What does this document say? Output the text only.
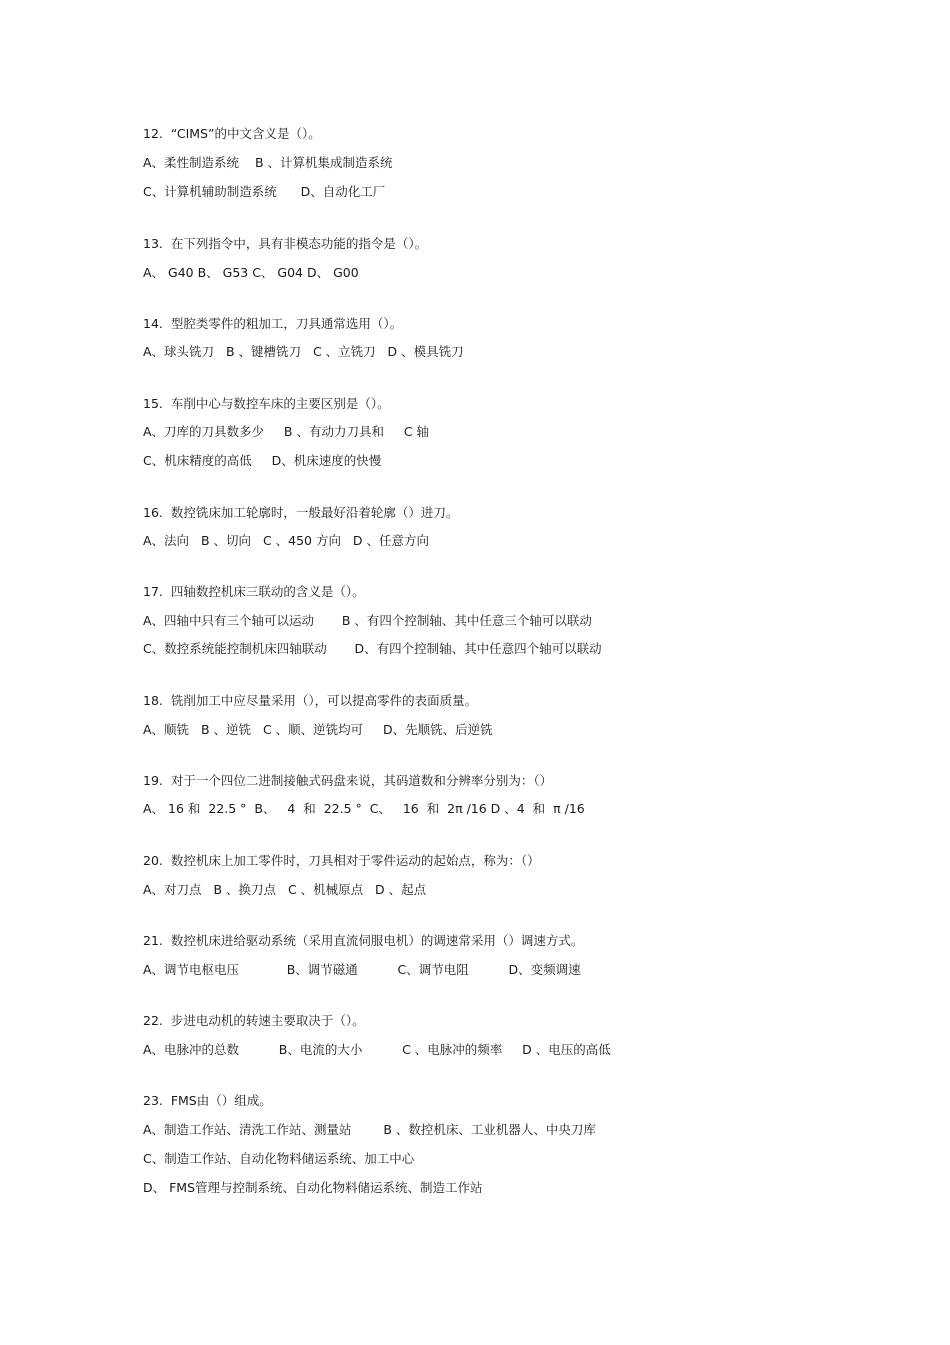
12.  “CIMS”的中文含义是（）。
A、柔性制造系统    B 、计算机集成制造系统
C、计算机辅助制造系统      D、自动化工厂
13.  在下列指令中，具有非模态功能的指令是（）。
A、 G40 B、 G53 C、 G04 D、 G00
14.  型腔类零件的粗加工，刀具通常选用（）。
A、球头铣刀   B 、键槽铣刀   C 、立铣刀   D 、模具铣刀
15.  车削中心与数控车床的主要区别是（）。
A、刀库的刀具数多少     B 、有动力刀具和     C 轴
C、机床精度的高低     D、机床速度的快慢
16.  数控铣床加工轮廓时，一般最好沿着轮廓（）进刀。
A、法向   B 、切向   C 、450 方向   D 、任意方向
17.  四轴数控机床三联动的含义是（）。
A、四轴中只有三个轴可以运动       B 、有四个控制轴、其中任意三个轴可以联动
C、数控系统能控制机床四轴联动       D、有四个控制轴、其中任意四个轴可以联动
18.  铣削加工中应尽量采用（），可以提高零件的表面质量。
A、顺铣   B 、逆铣   C 、顺、逆铣均可     D、先顺铣、后逆铣
19.  对于一个四位二进制接触式码盘来说，其码道数和分辨率分别为：（）
A、 16 和  22.5 °  B、   4  和  22.5 °  C、   16  和  2π /16 D 、4  和  π /16
20.  数控机床上加工零件时，刀具相对于零件运动的起始点，称为：（）
A、对刀点   B 、换刀点   C 、机械原点   D 、起点
21.  数控机床进给驱动系统（采用直流伺服电机）的调速常采用（）调速方式。
A、调节电枢电压            B、调节磁通          C、调节电阻          D、变频调速
22.  步进电动机的转速主要取决于（）。
A、电脉冲的总数          B、电流的大小          C 、电脉冲的频率     D 、电压的高低
23.  FMS由（）组成。
A、制造工作站、清洗工作站、测量站        B 、数控机床、工业机器人、中央刀库
C、制造工作站、自动化物料储运系统、加工中心
D、 FMS管理与控制系统、自动化物料储运系统、制造工作站
